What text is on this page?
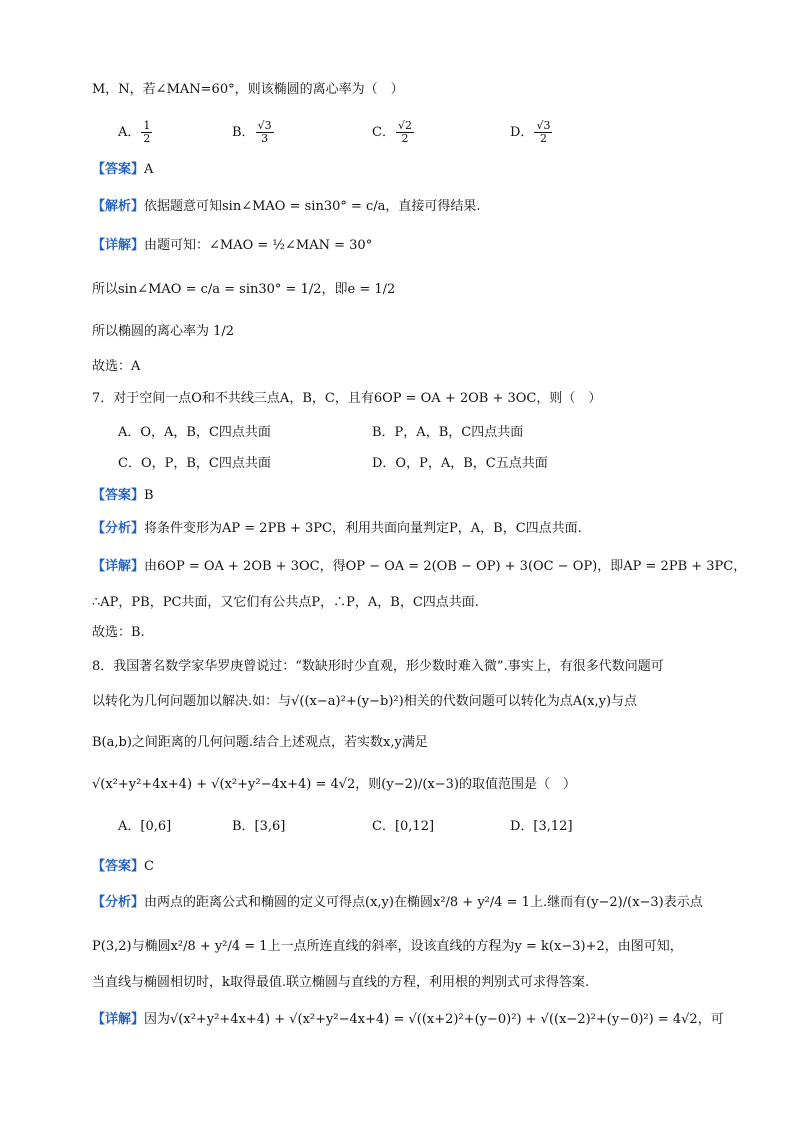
M，N，若∠MAN=60°，则该椭圆的离心率为（　）
A． $\frac{1}{2}$	B． $\frac{√3}{3}$	C． $\frac{√2}{2}$	D． $\frac{√3}{2}$
【答案】A
【解析】依据题意可知sin∠MAO = sin30° = c/a，直接可得结果.
【详解】由题可知：∠MAO = ½∠MAN = 30°
所以sin∠MAO = c/a = sin30° = 1/2，即e = 1/2
所以椭圆的离心率为 1/2
故选：A
7．对于空间一点O和不共线三点A，B，C，且有6OP = OA + 2OB + 3OC，则（　）
A．O，A，B，C四点共面	B．P，A，B，C四点共面
C．O，P，B，C四点共面	D．O，P，A，B，C五点共面
【答案】B
【分析】将条件变形为AP = 2PB + 3PC，利用共面向量判定P，A，B，C四点共面.
【详解】由6OP = OA + 2OB + 3OC，得OP − OA = 2(OB − OP) + 3(OC − OP)，即AP = 2PB + 3PC，
∴AP，PB，PC共面，又它们有公共点P，∴P，A，B，C四点共面.
故选：B.
8．我国著名数学家华罗庚曾说过：“数缺形时少直观，形少数时难入微”.事实上，有很多代数问题可
以转化为几何问题加以解决.如：与√((x−a)²+(y−b)²)相关的代数问题可以转化为点A(x,y)与点
B(a,b)之间距离的几何问题.结合上述观点，若实数x,y满足
√(x²+y²+4x+4) + √(x²+y²−4x+4) = 4√2，则(y−2)/(x−3)的取值范围是（　）
A．[0,6]	B．[3,6]	C．[0,12]	D．[3,12]
【答案】C
【分析】由两点的距离公式和椭圆的定义可得点(x,y)在椭圆x²/8 + y²/4 = 1上.继而有(y−2)/(x−3)表示点
P(3,2)与椭圆x²/8 + y²/4 = 1上一点所连直线的斜率，设该直线的方程为y = k(x−3)+2，由图可知，
当直线与椭圆相切时，k取得最值.联立椭圆与直线的方程，利用根的判别式可求得答案.
【详解】因为√(x²+y²+4x+4) + √(x²+y²−4x+4) = √((x+2)²+(y−0)²) + √((x−2)²+(y−0)²) = 4√2，可
